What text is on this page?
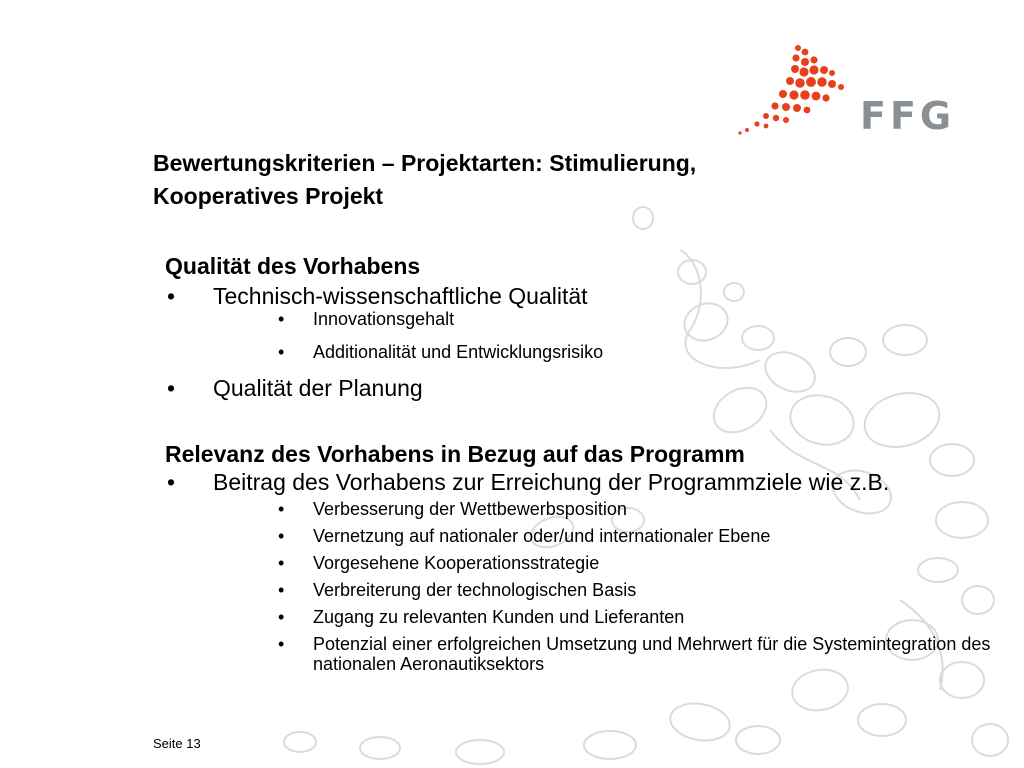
FFG
Bewertungskriterien – Projektarten: Stimulierung,
Kooperatives Projekt
Qualität des Vorhabens
• Technisch-wissenschaftliche Qualität
• Innovationsgehalt
• Additionalität und Entwicklungsrisiko
• Qualität der Planung
Relevanz des Vorhabens in Bezug auf das Programm
• Beitrag des Vorhabens zur Erreichung der Programmziele wie z.B.
• Verbesserung der Wettbewerbsposition
• Vernetzung auf nationaler oder/und internationaler Ebene
• Vorgesehene Kooperationsstrategie
• Verbreiterung der technologischen Basis
• Zugang zu relevanten Kunden und Lieferanten
• Potenzial einer erfolgreichen Umsetzung und Mehrwert für die Systemintegration des nationalen Aeronautiksektors
Seite 13
